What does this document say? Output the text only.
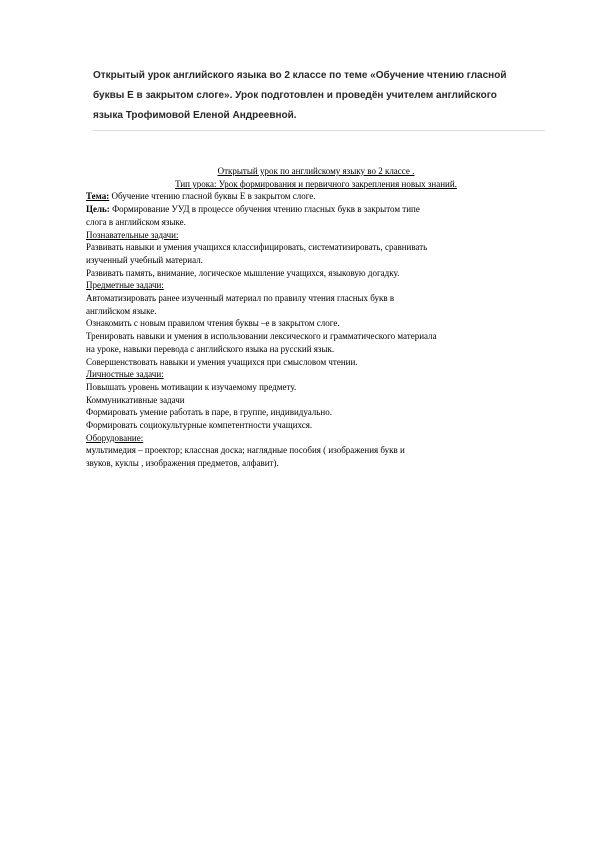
Открытый урок английского языка во 2 классе по теме «Обучение чтению гласной
буквы Е в закрытом слоге». Урок подготовлен и проведён учителем английского
языка Трофимовой Еленой Андреевной.
Открытый урок по английскому языку во 2 классе .
Тип урока: Урок формирования и первичного закрепления новых знаний.
Тема: Обучение чтению гласной буквы Е в закрытом слоге.
Цель: Формирование УУД в процессе обучения чтению гласных букв в закрытом типе
слога в английском языке.
Познавательные задачи:
Развивать навыки и умения учащихся классифицировать, систематизировать, сравнивать
изученный учебный материал.
Развивать память, внимание, логическое мышление учащихся, языковую догадку.
Предметные задачи:
Автоматизировать ранее изученный материал по правилу чтения гласных букв в
английском языке.
Ознакомить с новым правилом чтения буквы –е в закрытом слоге.
Тренировать навыки и умения в использовании лексического и грамматического материала
на уроке, навыки перевода с английского языка на русский язык.
Совершенствовать навыки и умения учащихся при смысловом чтении.
Личностные задачи:
Повышать уровень мотивации к изучаемому предмету.
Коммуникативные задачи
Формировать умение работать в паре, в группе, индивидуально.
Формировать социокультурные компетентности учащихся.
Оборудование:
мультимедия – проектор; классная доска; наглядные пособия ( изображения букв и
звуков, куклы , изображения предметов, алфавит).
